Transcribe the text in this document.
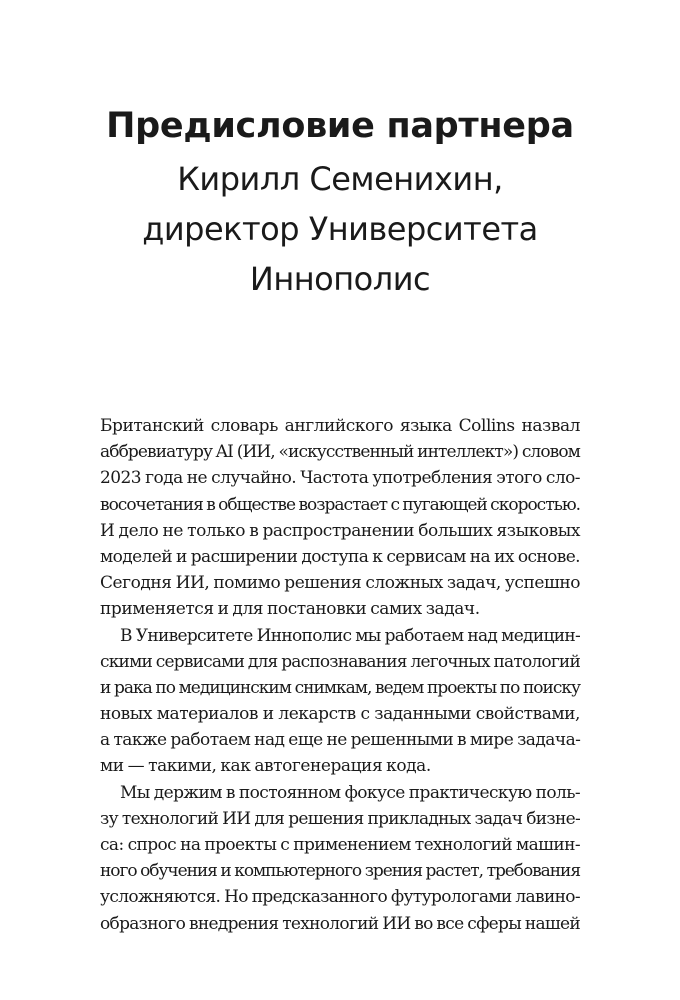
Предисловие партнера
Кирилл Семенихин,
директор Университета
Иннополис
Британский словарь английского языка Collins назвал
аббревиатуру AI (ИИ, «искусственный интеллект») словом
2023 года не случайно. Частота употребления этого сло-
восочетания в обществе возрастает с пугающей скоростью.
И дело не только в распространении больших языковых
моделей и расширении доступа к сервисам на их основе.
Сегодня ИИ, помимо решения сложных задач, успешно
применяется и для постановки самих задач.
В Университете Иннополис мы работаем над медицин-
скими сервисами для распознавания легочных патологий
и рака по медицинским снимкам, ведем проекты по поиску
новых материалов и лекарств с заданными свойствами,
а также работаем над еще не решенными в мире задача-
ми — такими, как автогенерация кода.
Мы держим в постоянном фокусе практическую поль-
зу технологий ИИ для решения прикладных задач бизне-
са: спрос на проекты с применением технологий машин-
ного обучения и компьютерного зрения растет, требования
усложняются. Но предсказанного футурологами лавино-
образного внедрения технологий ИИ во все сферы нашей
